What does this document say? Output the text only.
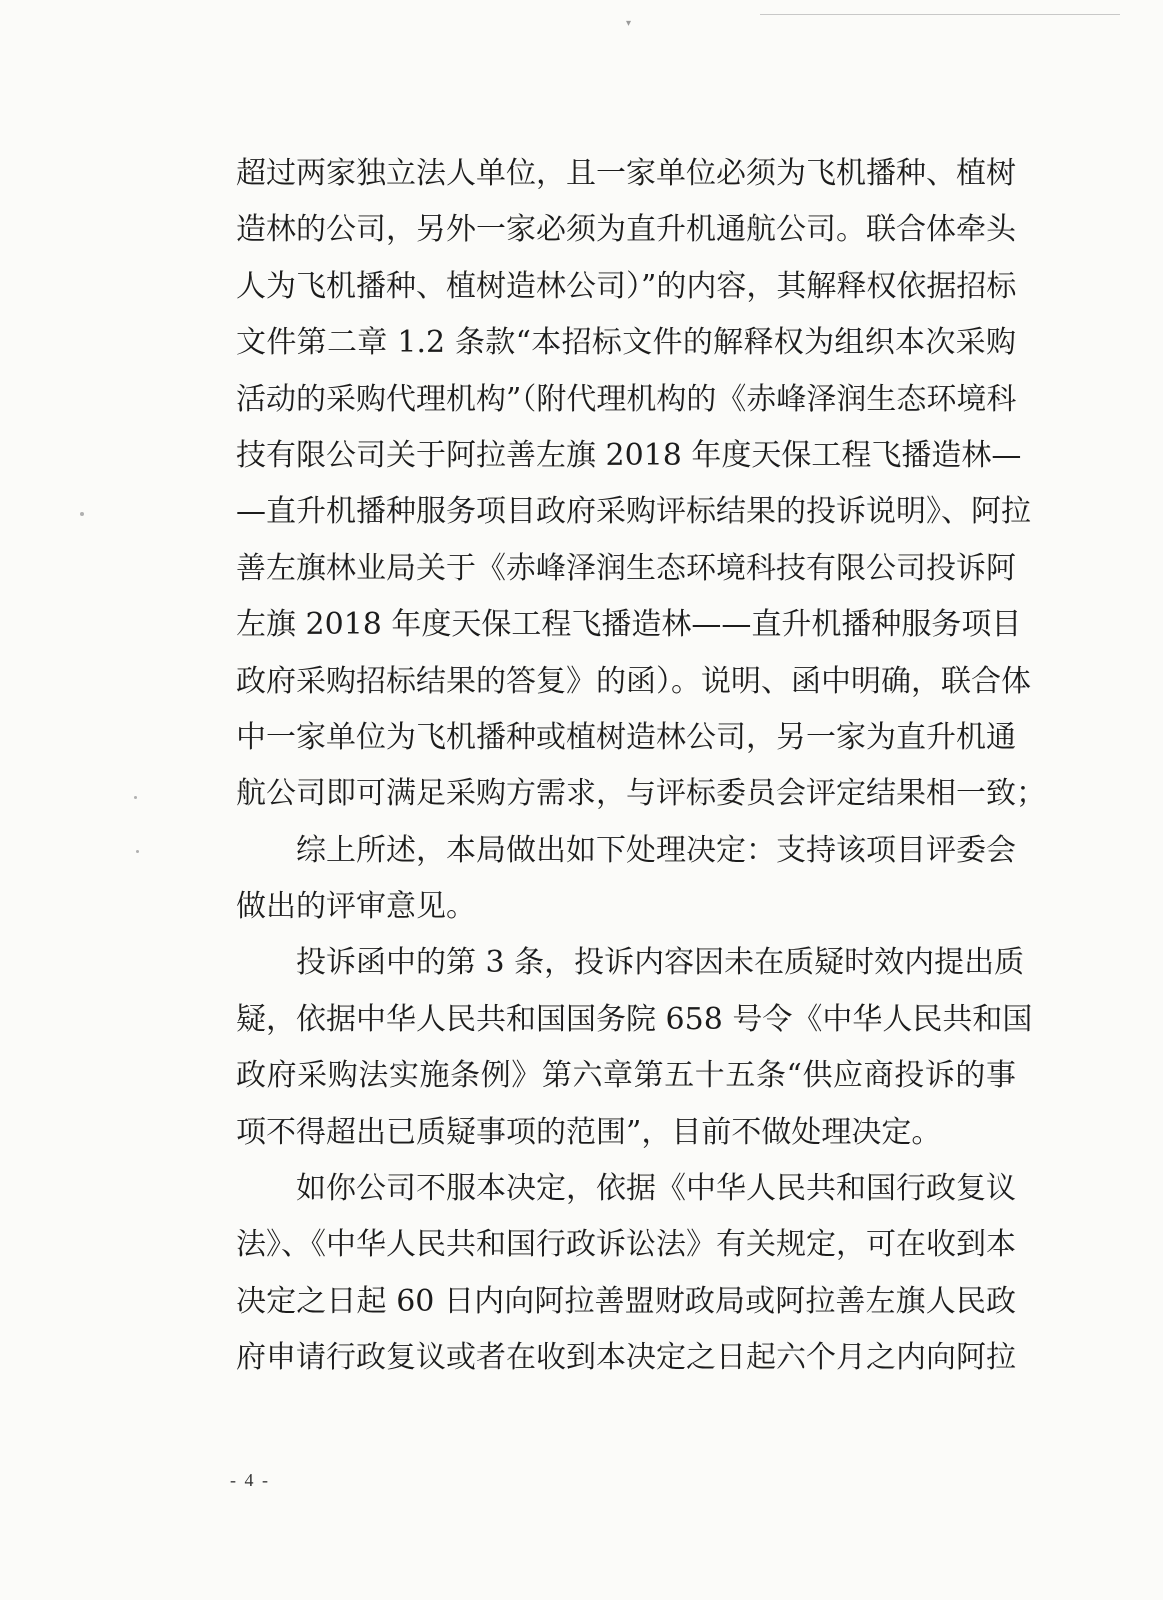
▾
超过两家独立法人单位，且一家单位必须为飞机播种、植树
造林的公司，另外一家必须为直升机通航公司。联合体牵头
人为飞机播种、植树造林公司）”的内容，其解释权依据招标
文件第二章 1.2 条款“本招标文件的解释权为组织本次采购
活动的采购代理机构”（附代理机构的《赤峰泽润生态环境科
技有限公司关于阿拉善左旗 2018 年度天保工程飞播造林—
—直升机播种服务项目政府采购评标结果的投诉说明》、阿拉
善左旗林业局关于《赤峰泽润生态环境科技有限公司投诉阿
左旗 2018 年度天保工程飞播造林——直升机播种服务项目
政府采购招标结果的答复》的函）。说明、函中明确，联合体
中一家单位为飞机播种或植树造林公司，另一家为直升机通
航公司即可满足采购方需求，与评标委员会评定结果相一致；
综上所述，本局做出如下处理决定：支持该项目评委会
做出的评审意见。
投诉函中的第 3 条，投诉内容因未在质疑时效内提出质
疑，依据中华人民共和国国务院 658 号令《中华人民共和国
政府采购法实施条例》第六章第五十五条“供应商投诉的事
项不得超出已质疑事项的范围”，目前不做处理决定。
如你公司不服本决定，依据《中华人民共和国行政复议
法》、《中华人民共和国行政诉讼法》有关规定，可在收到本
决定之日起 60 日内向阿拉善盟财政局或阿拉善左旗人民政
府申请行政复议或者在收到本决定之日起六个月之内向阿拉
- 4 -
